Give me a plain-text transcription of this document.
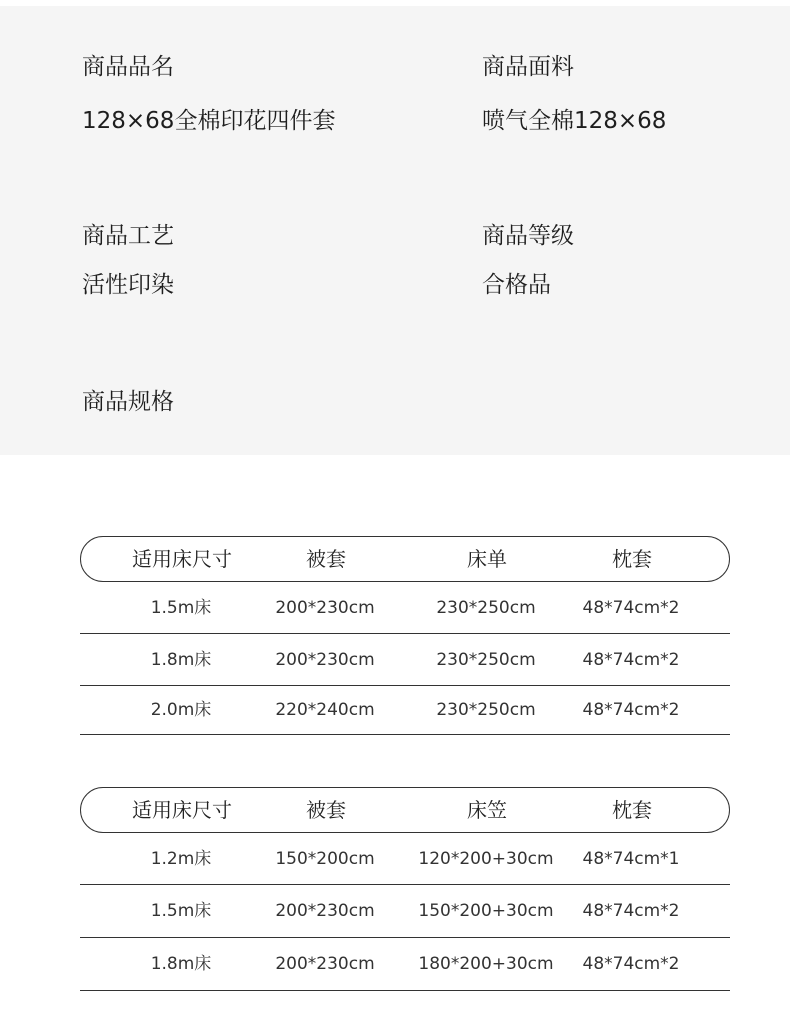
商品品名
128×68全棉印花四件套
商品面料
喷气全棉128×68
商品工艺
活性印染
商品等级
合格品
商品规格
适用床尺寸	被套	床单	枕套
1.5m床	200*230cm	230*250cm	48*74cm*2
1.8m床	200*230cm	230*250cm	48*74cm*2
2.0m床	220*240cm	230*250cm	48*74cm*2
适用床尺寸	被套	床笠	枕套
1.2m床	150*200cm	120*200+30cm 48*74cm*1
1.5m床	200*230cm	150*200+30cm 48*74cm*2
1.8m床	200*230cm	180*200+30cm 48*74cm*2
